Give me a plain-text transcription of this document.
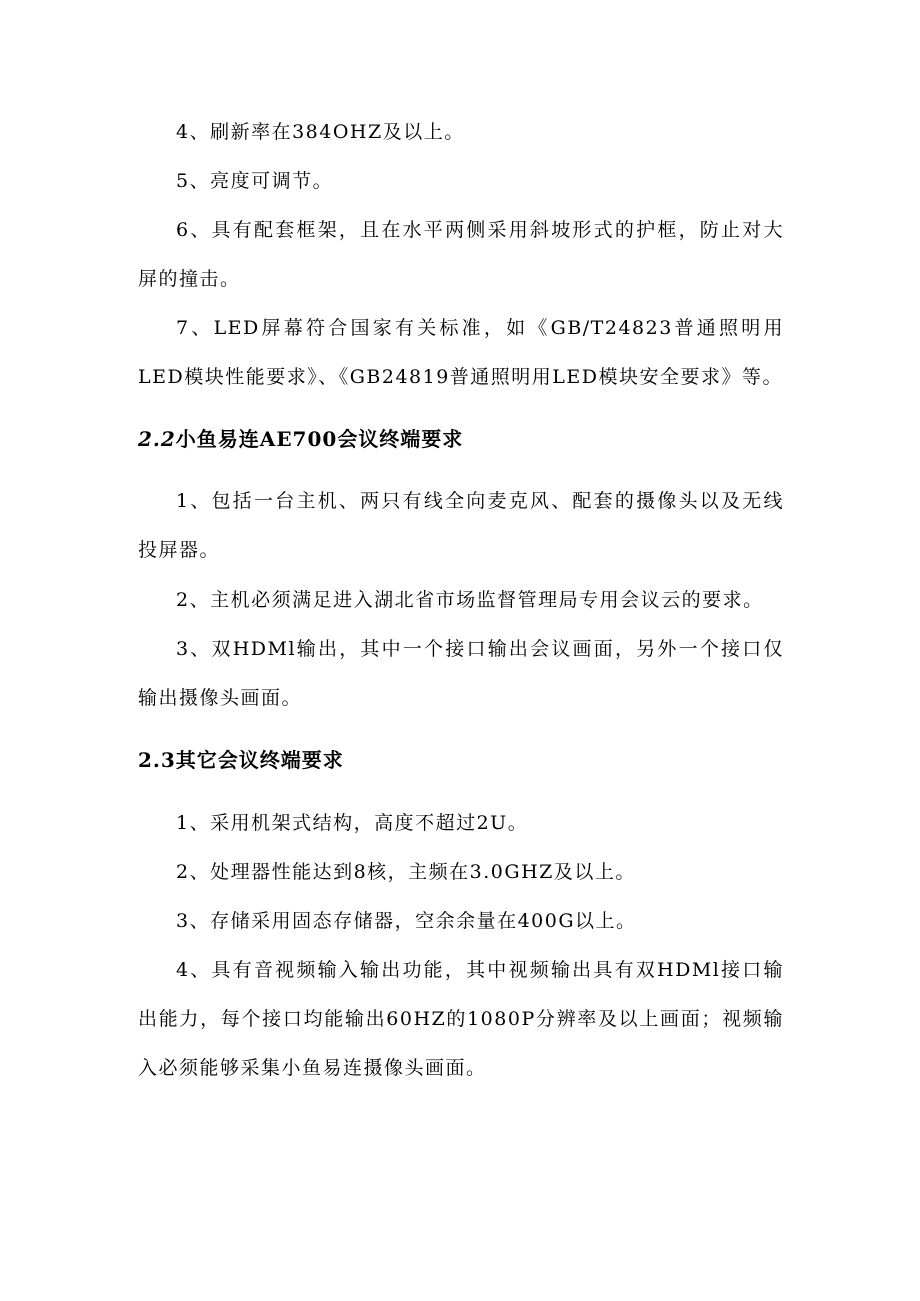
4、刷新率在384OHZ及以上。

5、亮度可调节。

6、具有配套框架，且在水平两侧采用斜坡形式的护框，防止对大屏的撞击。

7、LED屏幕符合国家有关标准，如《GB/T24823普通照明用LED模块性能要求》、《GB24819普通照明用LED模块安全要求》等。

2.2小鱼易连AE700会议终端要求

1、包括一台主机、两只有线全向麦克风、配套的摄像头以及无线投屏器。

2、主机必须满足进入湖北省市场监督管理局专用会议云的要求。

3、双HDMl输出，其中一个接口输出会议画面，另外一个接口仅输出摄像头画面。

2.3其它会议终端要求

1、采用机架式结构，高度不超过2U。

2、处理器性能达到8核，主频在3.0GHZ及以上。

3、存储采用固态存储器，空余余量在400G以上。

4、具有音视频输入输出功能，其中视频输出具有双HDMl接口输出能力，每个接口均能输出60HZ的1080P分辨率及以上画面；视频输入必须能够采集小鱼易连摄像头画面。
